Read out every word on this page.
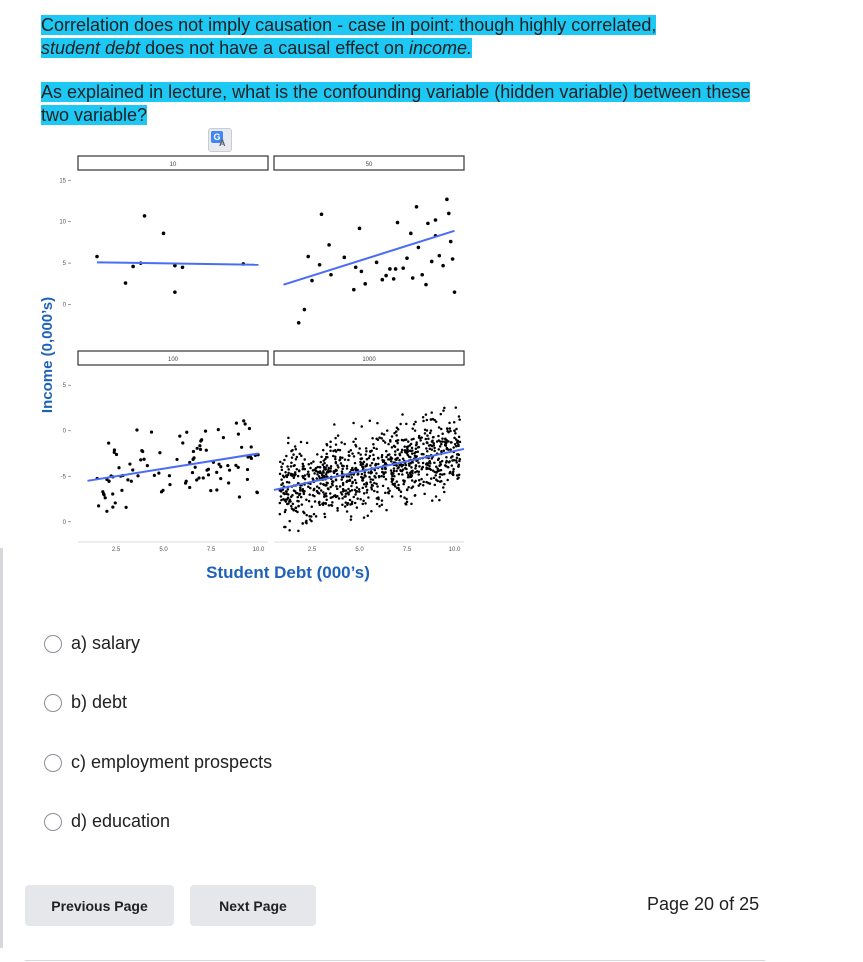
Correlation does not imply causation - case in point: though highly correlated,
student debt does not have a causal effect on income.

As explained in lecture, what is the confounding variable (hidden variable) between these two variable?

G
A
Income (0,000’s)
Student Debt (000’s)
10	50
100	1000
15
10
5
0
5
0
-5
0
2.5	5.0	7.5	10.0	2.5	5.0	7.5	10.0
a) salary
b) debt
c) employment prospects
d) education
Previous Page	Next Page	Page 20 of 25
